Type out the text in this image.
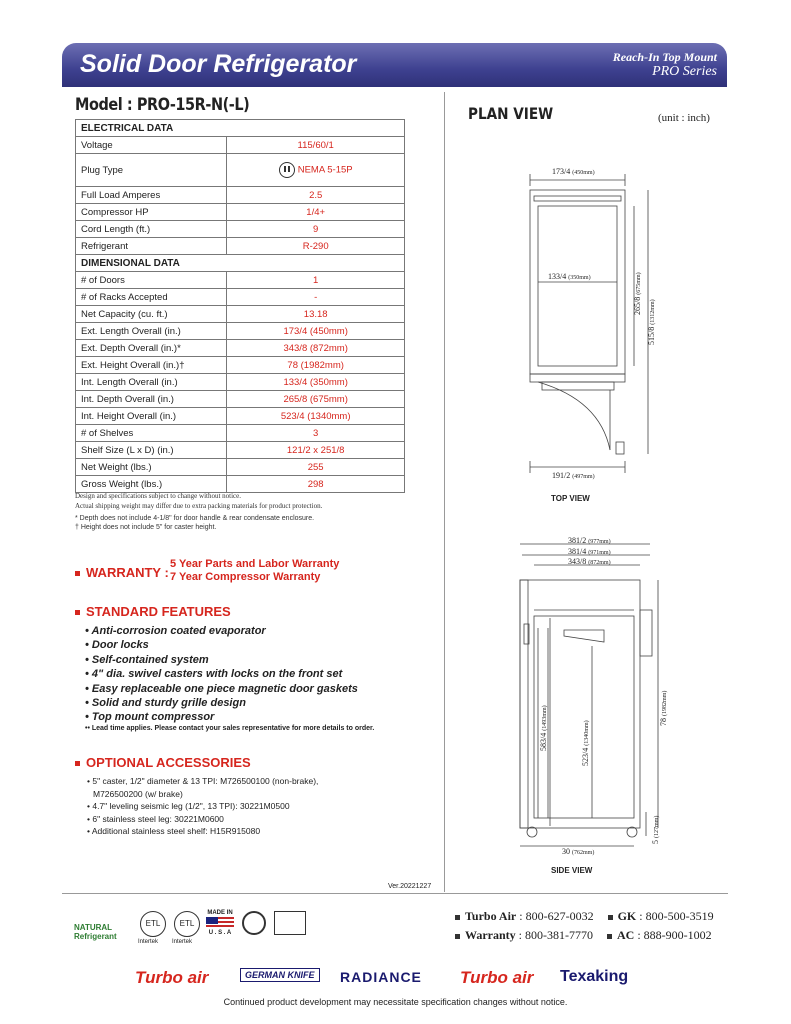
Solid Door Refrigerator	Reach-In Top Mount
PRO Series
Model : PRO-15R-N(-L)
ELECTRICAL DATA	
Voltage	115/60/1
Plug Type	NEMA 5-15P
Full Load Amperes	2.5
Compressor HP	1/4+
Cord Length (ft.)	9
Refrigerant	R-290
DIMENSIONAL DATA	
# of Doors	1
# of Racks Accepted	-
Net Capacity (cu. ft.)	13.18
Ext. Length Overall (in.)	173/4 (450mm)
Ext. Depth Overall (in.)*	343/8 (872mm)
Ext. Height Overall (in.)†	78 (1982mm)
Int. Length Overall (in.)	133/4 (350mm)
Int. Depth Overall (in.)	265/8 (675mm)
Int. Height Overall (in.)	523/4 (1340mm)
# of Shelves	3
Shelf Size (L x D) (in.)	121/2 x 251/8
Net Weight (lbs.)	255
Gross Weight (lbs.)	298
Design and specifications subject to change without notice.
Actual shipping weight may differ due to extra packing materials for product protection.
* Depth does not include 4-1/8" for door handle & rear condensate enclosure.
† Height does not include 5" for caster height.
WARRANTY :
5 Year Parts and Labor Warranty
7 Year Compressor Warranty
STANDARD FEATURES
• Anti-corrosion coated evaporator
• Door locks
• Self-contained system
• 4" dia. swivel casters with locks on the front set
• Easy replaceable one piece magnetic door gaskets
• Solid and sturdy grille design
• Top mount compressor
•• Lead time applies. Please contact your sales representative for more details to order.
OPTIONAL ACCESSORIES
• 5" caster, 1/2" diameter & 13 TPI: M726500100 (non-brake),
M726500200 (w/ brake)
• 4.7" leveling seismic leg (1/2", 13 TPI): 30221M0500
• 6" stainless steel leg: 30221M0600
• Additional stainless steel shelf: H15R915080
Ver.20221227
PLAN VIEW	(unit : inch)
173/4 (450mm)
133/4 (350mm)
191/2 (497mm)
265/8 (675mm)
515/8 (1312mm)
TOP VIEW
381/2 (977mm)
381/4 (971mm)
343/8 (872mm)
583/4 (1493mm)
523/4 (1340mm)	78 (1982mm)
5 (127mm)
30 (762mm)
SIDE VIEW
NATURAL
Refrigerant
ETL
Intertek
ETL
Intertek
MADE IN
U . S . A
Turbo Air : 800-627-0032 GK : 800-500-3519
Warranty : 800-381-7770 AC : 888-900-1002
Turbo air	GERMAN KNIFE	RADIANCE Turbo air Texaking
Continued product development may necessitate specification changes without notice.
